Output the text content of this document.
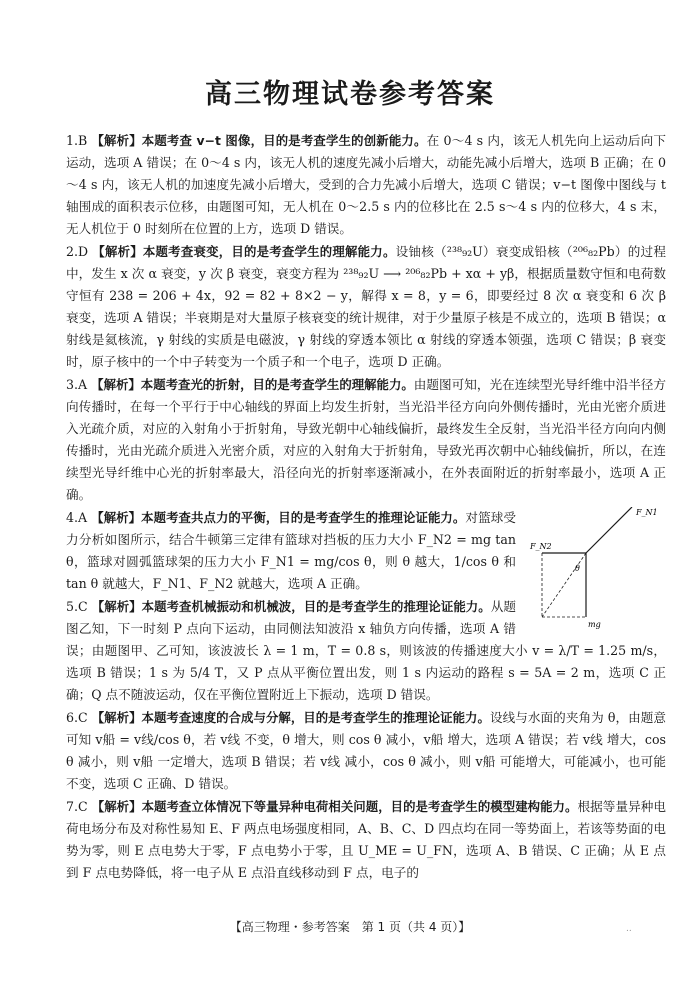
高三物理试卷参考答案
1.B 【解析】本题考查 v−t 图像，目的是考查学生的创新能力。在 0～4 s 内，该无人机先向上运动后向下运动，选项 A 错误；在 0～4 s 内，该无人机的速度先减小后增大，动能先减小后增大，选项 B 正确；在 0～4 s 内，该无人机的加速度先减小后增大，受到的合力先减小后增大，选项 C 错误；v−t 图像中图线与 t 轴围成的面积表示位移，由题图可知，无人机在 0～2.5 s 内的位移比在 2.5 s～4 s 内的位移大，4 s 末，无人机位于 0 时刻所在位置的上方，选项 D 错误。
2.D 【解析】本题考查衰变，目的是考查学生的理解能力。设铀核（²³⁸₉₂U）衰变成铅核（²⁰⁶₈₂Pb）的过程中，发生 x 次 α 衰变，y 次 β 衰变，衰变方程为 ²³⁸₉₂U ⟶ ²⁰⁶₈₂Pb + xα + yβ，根据质量数守恒和电荷数守恒有 238 = 206 + 4x，92 = 82 + 8×2 − y，解得 x = 8，y = 6，即要经过 8 次 α 衰变和 6 次 β 衰变，选项 A 错误；半衰期是对大量原子核衰变的统计规律，对于少量原子核是不成立的，选项 B 错误；α 射线是氦核流，γ 射线的实质是电磁波，γ 射线的穿透本领比 α 射线的穿透本领强，选项 C 错误；β 衰变时，原子核中的一个中子转变为一个质子和一个电子，选项 D 正确。
3.A 【解析】本题考查光的折射，目的是考查学生的理解能力。由题图可知，光在连续型光导纤维中沿半径方向传播时，在每一个平行于中心轴线的界面上均发生折射，当光沿半径方向向外侧传播时，光由光密介质进入光疏介质，对应的入射角小于折射角，导致光朝中心轴线偏折，最终发生全反射，当光沿半径方向向内侧传播时，光由光疏介质进入光密介质，对应的入射角大于折射角，导致光再次朝中心轴线偏折，所以，在连续型光导纤维中心光的折射率最大，沿径向光的折射率逐渐减小，在外表面附近的折射率最小，选项 A 正确。
F_N1
F_N2
mg
θ
4.A 【解析】本题考查共点力的平衡，目的是考查学生的推理论证能力。对篮球受力分析如图所示，结合牛顿第三定律有篮球对挡板的压力大小 F_N2 = mg tan θ，篮球对圆弧篮球架的压力大小 F_N1 = mg/cos θ，则 θ 越大，1/cos θ 和 tan θ 就越大，F_N1、F_N2 就越大，选项 A 正确。
5.C 【解析】本题考查机械振动和机械波，目的是考查学生的推理论证能力。从题图乙知，下一时刻 P 点向下运动，由同侧法知波沿 x 轴负方向传播，选项 A 错误；由题图甲、乙可知，该波波长 λ = 1 m，T = 0.8 s，则该波的传播速度大小 v = λ/T = 1.25 m/s，选项 B 错误；1 s 为 5/4 T，又 P 点从平衡位置出发，则 1 s 内运动的路程 s = 5A = 2 m，选项 C 正确；Q 点不随波运动，仅在平衡位置附近上下振动，选项 D 错误。
6.C 【解析】本题考查速度的合成与分解，目的是考查学生的推理论证能力。设线与水面的夹角为 θ，由题意可知 v船 = v线/cos θ，若 v线 不变，θ 增大，则 cos θ 减小，v船 增大，选项 A 错误；若 v线 增大，cos θ 减小，则 v船 一定增大，选项 B 错误；若 v线 减小，cos θ 减小，则 v船 可能增大，可能减小，也可能不变，选项 C 正确、D 错误。
7.C 【解析】本题考查立体情况下等量异种电荷相关问题，目的是考查学生的模型建构能力。根据等量异种电荷电场分布及对称性易知 E、F 两点电场强度相同，A、B、C、D 四点均在同一等势面上，若该等势面的电势为零，则 E 点电势大于零，F 点电势小于零，且 U_ME = U_FN，选项 A、B 错误、C 正确；从 E 点到 F 点电势降低，将一电子从 E 点沿直线移动到 F 点，电子的
【高三物理・参考答案　第 1 页（共 4 页）】	..
